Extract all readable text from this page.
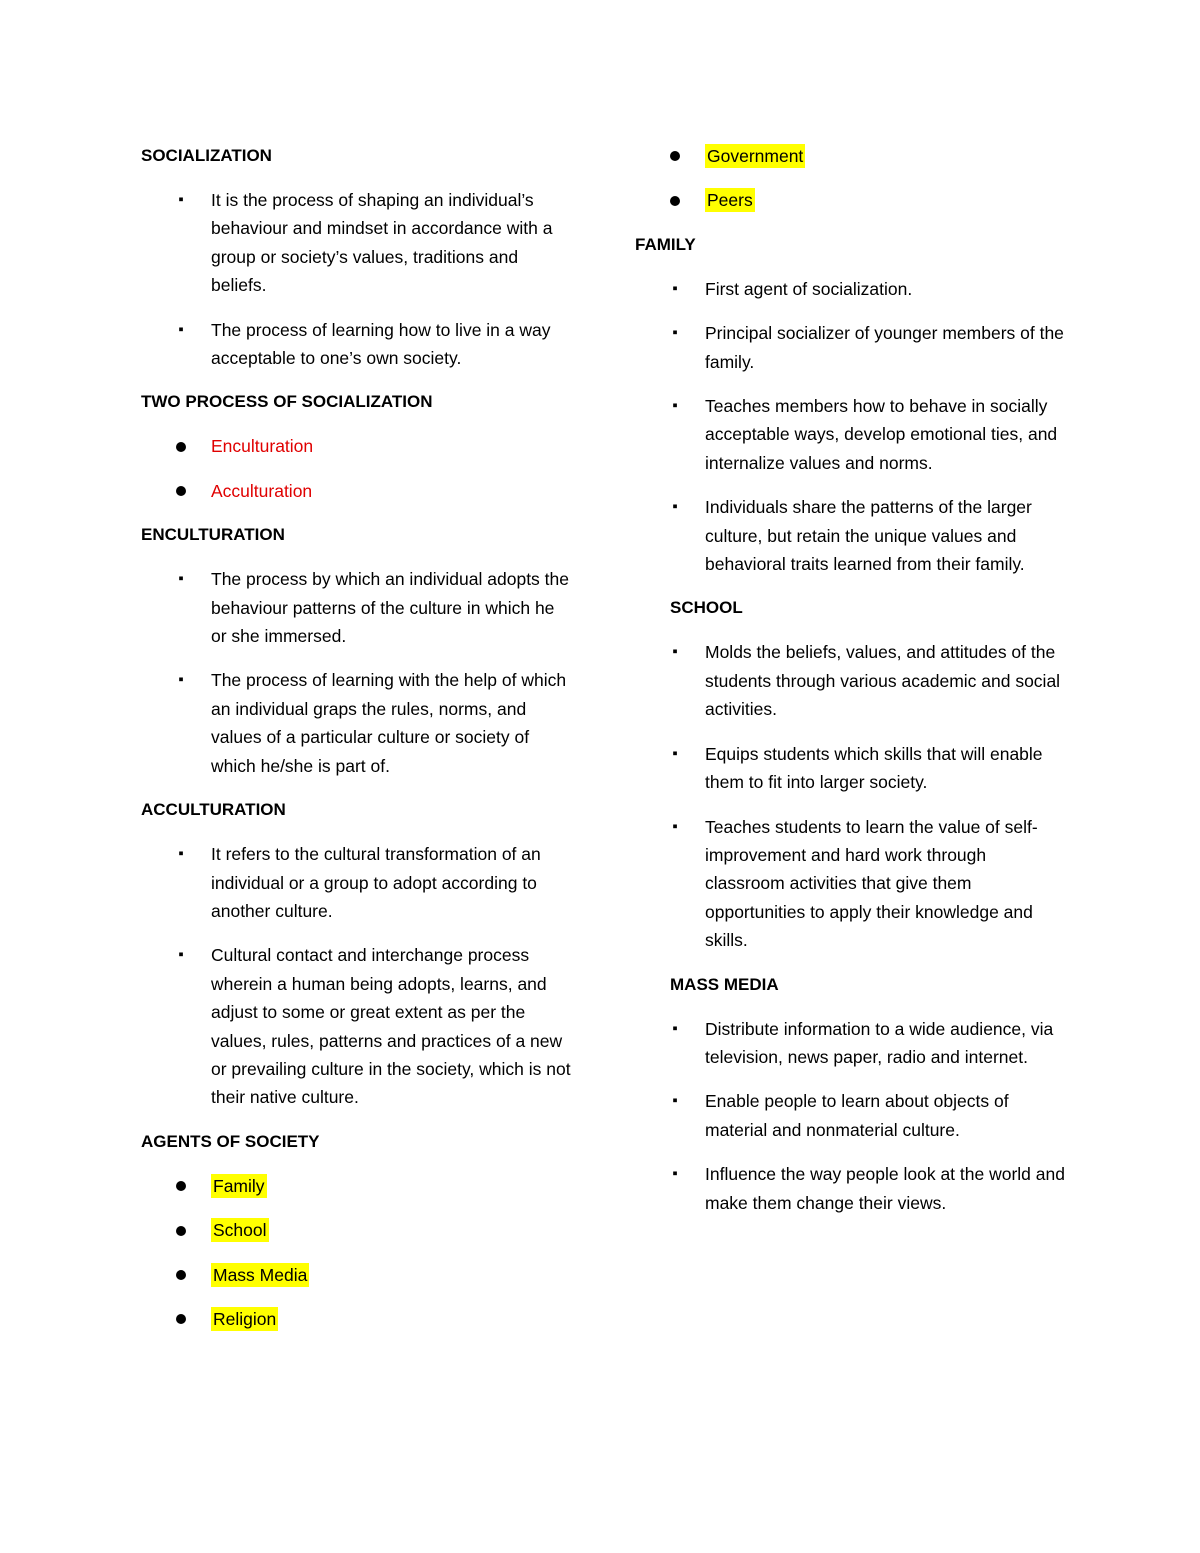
SOCIALIZATION
▪ It is the process of shaping an individual’s behaviour and mindset in accordance with a group or society’s values, traditions and beliefs.
▪ The process of learning how to live in a way acceptable to one’s own society.
TWO PROCESS OF SOCIALIZATION
Enculturation
Acculturation
ENCULTURATION
▪ The process by which an individual adopts the behaviour patterns of the culture in which he or she immersed.
▪ The process of learning with the help of which an individual graps the rules, norms, and values of a particular culture or society of which he/she is part of.
ACCULTURATION
▪ It refers to the cultural transformation of an individual or a group to adopt according to another culture.
▪ Cultural contact and interchange process wherein a human being adopts, learns, and adjust to some or great extent as per the values, rules, patterns and practices of a new or prevailing culture in the society, which is not their native culture.
AGENTS OF SOCIETY
Family
School
Mass Media
Religion
Government
Peers
FAMILY
▪ First agent of socialization.
▪ Principal socializer of younger members of the family.
▪ Teaches members how to behave in socially acceptable ways, develop emotional ties, and internalize values and norms.
▪ Individuals share the patterns of the larger culture, but retain the unique values and behavioral traits learned from their family.
SCHOOL
▪ Molds the beliefs, values, and attitudes of the students through various academic and social activities.
▪ Equips students which skills that will enable them to fit into larger society.
▪ Teaches students to learn the value of self-improvement and hard work through classroom activities that give them opportunities to apply their knowledge and skills.
MASS MEDIA
▪ Distribute information to a wide audience, via television, news paper, radio and internet.
▪ Enable people to learn about objects of material and nonmaterial culture.
▪ Influence the way people look at the world and make them change their views.
